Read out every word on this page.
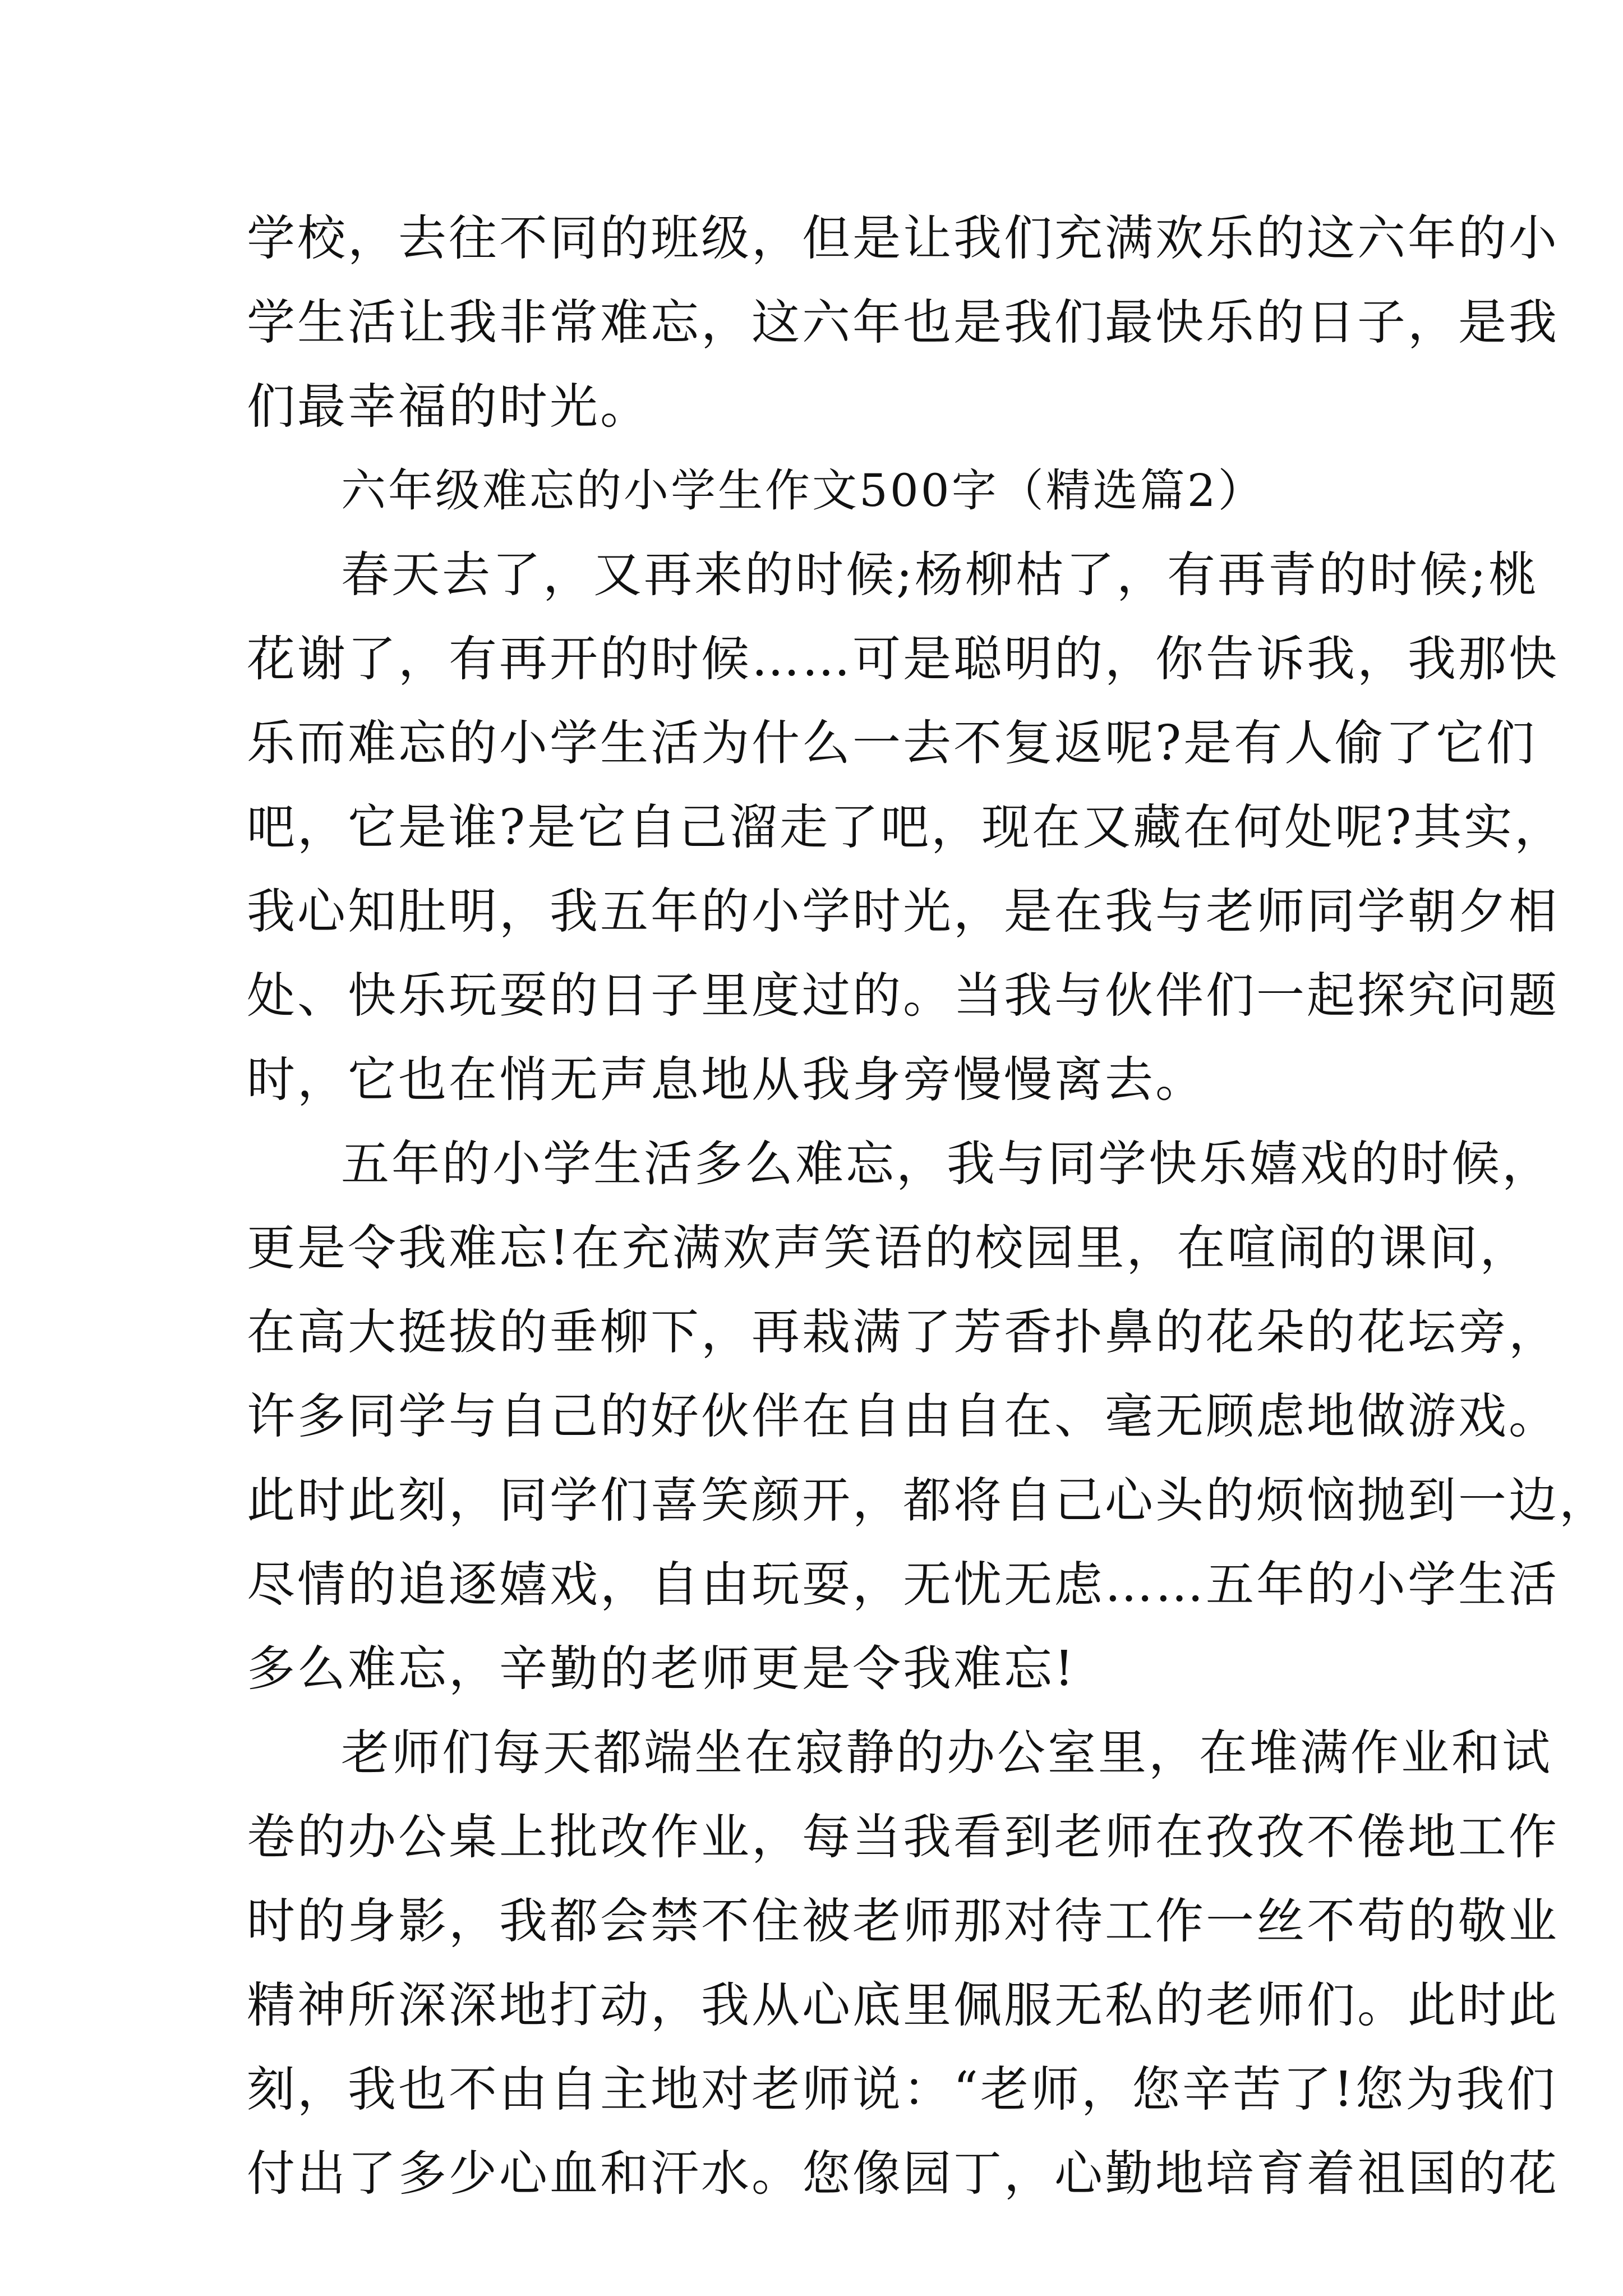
学校，去往不同的班级，但是让我们充满欢乐的这六年的小
学生活让我非常难忘，这六年也是我们最快乐的日子，是我
们最幸福的时光。
六年级难忘的小学生作文500字（精选篇2）
春天去了，又再来的时候;杨柳枯了，有再青的时候;桃
花谢了，有再开的时候……可是聪明的，你告诉我，我那快
乐而难忘的小学生活为什么一去不复返呢?是有人偷了它们
吧，它是谁?是它自己溜走了吧，现在又藏在何处呢?其实，
我心知肚明，我五年的小学时光，是在我与老师同学朝夕相
处、快乐玩耍的日子里度过的。当我与伙伴们一起探究问题
时，它也在悄无声息地从我身旁慢慢离去。
五年的小学生活多么难忘，我与同学快乐嬉戏的时候，
更是令我难忘!在充满欢声笑语的校园里，在喧闹的课间，
在高大挺拔的垂柳下，再栽满了芳香扑鼻的花朵的花坛旁，
许多同学与自己的好伙伴在自由自在、毫无顾虑地做游戏。
此时此刻，同学们喜笑颜开，都将自己心头的烦恼抛到一边，
尽情的追逐嬉戏，自由玩耍，无忧无虑……五年的小学生活
多么难忘，辛勤的老师更是令我难忘!
老师们每天都端坐在寂静的办公室里，在堆满作业和试
卷的办公桌上批改作业，每当我看到老师在孜孜不倦地工作
时的身影，我都会禁不住被老师那对待工作一丝不苟的敬业
精神所深深地打动，我从心底里佩服无私的老师们。此时此
刻，我也不由自主地对老师说：“老师，您辛苦了!您为我们
付出了多少心血和汗水。您像园丁，心勤地培育着祖国的花
